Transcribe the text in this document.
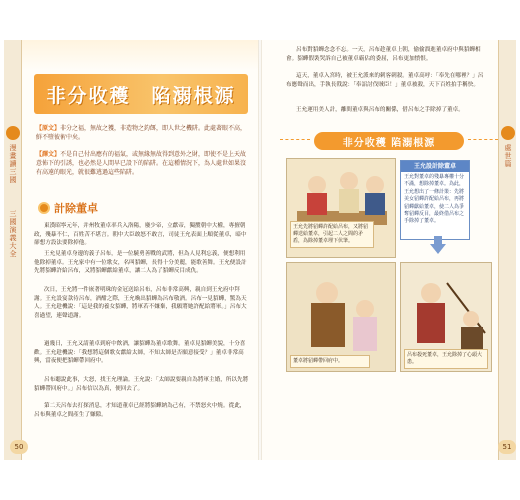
漫畫讀三國
三國演義大全
非分收穫　陷溺根源
【原文】非分之福，無故之獲，非造物之釣餌，即人世之機阱。此處著眼不高，鮮不墮彼術中矣。
【譯文】不是自己付出應有的福氣，或無緣無故得到意外之財，即使不是上天故意佈下的引誘，也必然是人間早已設下的陷阱。在這種情況下，為人處世如果沒有高遠的眼光，就很難逃過這些陷阱。
計除董卓
東漢昭寧元年，并州牧董卓率兵入洛陽，廢少帝，立獻帝，獨攬朝中大權，專擅朝政，殘暴不仁，百姓苦不堪言。朝中大臣敢怒不敢言，司徒王允表面上順從董卓，暗中卻想方設法要除掉他。
王允見董卓身邊的義子呂布，是一位驍勇善戰的武將，但為人見利忘義，便想利用他除掉董卓。王允家中有一位歌女，名叫貂蟬，長得十分美麗，能歌善舞。王允便設計先將貂蟬許給呂布，又將貂蟬獻給董卓，讓二人為了貂蟬反目成仇。
次日，王允將一件嵌著明珠的金冠送給呂布，呂布非常高興，親自到王允府中拜謝。王允設宴款待呂布，酒酣之際，王允喚出貂蟬為呂布敬酒。呂布一見貂蟬，驚為天人。王允趁機說：「這是我的養女貂蟬，將軍若不嫌棄，我願將她許配給將軍。」呂布大喜過望，連聲道謝。
過幾日，王允又請董卓到府中飲酒，讓貂蟬為董卓歌舞。董卓見貂蟬美貌，十分喜歡。王允趁機說：「我想將這個歌女獻給太師，不知太師是否願意接受？」董卓非常高興，當夜便把貂蟬帶回府中。
呂布聽說此事，大怒，找王允理論。王允說：「太師說要親自為將軍主婚，所以先將貂蟬帶回府中。」呂布信以為真，便回去了。
第二天呂布去打探消息，才知道董卓已經將貂蟬納為己有，不禁怒火中燒。從此，呂布與董卓之間產生了嫌隙。
50
處世篇
呂布對貂蟬念念不忘。一天，呂布趁董卓上朝，偷偷溜進董卓府中與貂蟬相會。貂蟬假裝哭訴自己被董卓霸佔的委屈，呂布更加憤恨。
這天，董卓入宮時，被王允派來的刺客刺殺。董卓高呼：「奉先在哪裡？」呂布應聲而出，手執長戟說：「奉詔討伐賊臣！」董卓被殺，天下百姓拍手稱快。
王允運用美人計，離間董卓與呂布的關係，借呂布之手除掉了董卓。
非分收穫 陷溺根源
王允先將貂蟬許配給呂布，又將貂蟬送給董卓，引起二人之間的矛盾，為除掉董卓埋下伏筆。
王允設計除董卓
王允對董卓的殘暴專權十分不滿，想除掉董卓。為此，王允想出了一條計策：先將美女貂蟬許配給呂布，再將貂蟬獻給董卓，使二人為爭奪貂蟬反目，最終借呂布之手除掉了董卓。
董卓將貂蟬帶回府中。
呂布殺死董卓，王允除掉了心頭大患。
51
